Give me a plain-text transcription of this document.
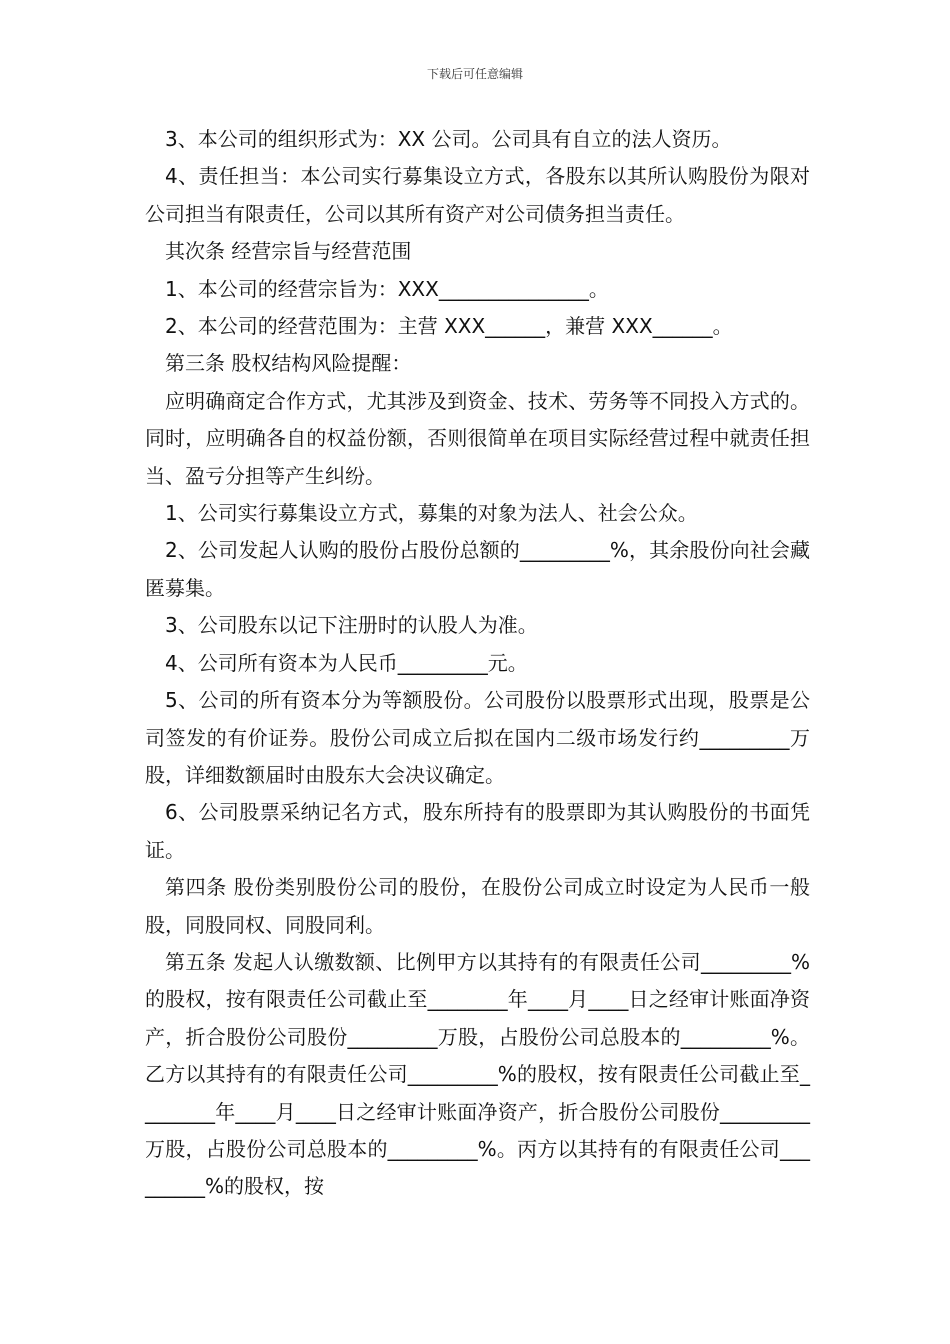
下载后可任意编辑

3、本公司的组织形式为：XX 公司。公司具有自立的法人资历。

4、责任担当：本公司实行募集设立方式，各股东以其所认购股份为限对公司担当有限责任，公司以其所有资产对公司债务担当责任。

其次条 经营宗旨与经营范围

1、本公司的经营宗旨为：XXX_______________。

2、本公司的经营范围为：主营 XXX______，兼营 XXX______。

第三条 股权结构风险提醒：

应明确商定合作方式，尤其涉及到资金、技术、劳务等不同投入方式的。同时，应明确各自的权益份额，否则很简单在项目实际经营过程中就责任担当、盈亏分担等产生纠纷。

1、公司实行募集设立方式，募集的对象为法人、社会公众。

2、公司发起人认购的股份占股份总额的_________%，其余股份向社会藏匿募集。

3、公司股东以记下注册时的认股人为准。

4、公司所有资本为人民币_________元。

5、公司的所有资本分为等额股份。公司股份以股票形式出现，股票是公司签发的有价证券。股份公司成立后拟在国内二级市场发行约_________万股，详细数额届时由股东大会决议确定。

6、公司股票采纳记名方式，股东所持有的股票即为其认购股份的书面凭证。

第四条 股份类别股份公司的股份，在股份公司成立时设定为人民币一般股，同股同权、同股同利。

第五条 发起人认缴数额、比例甲方以其持有的有限责任公司_________%的股权，按有限责任公司截止至________年____月____日之经审计账面净资产，折合股份公司股份_________万股，占股份公司总股本的_________%。乙方以其持有的有限责任公司_________%的股权，按有限责任公司截止至________年____月____日之经审计账面净资产，折合股份公司股份_________万股，占股份公司总股本的_________%。丙方以其持有的有限责任公司_________%的股权，按
